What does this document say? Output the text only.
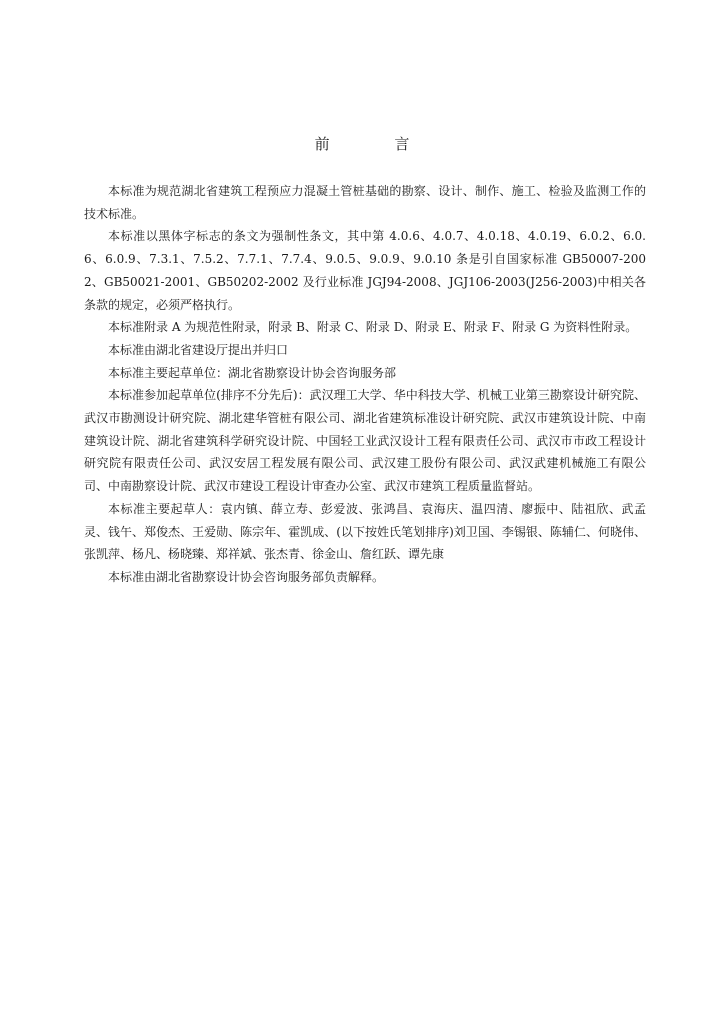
前 言

本标准为规范湖北省建筑工程预应力混凝土管桩基础的勘察、设计、制作、施工、检验及监测工作的技术标准。

本标准以黑体字标志的条文为强制性条文，其中第 4.0.6、4.0.7、4.0.18、4.0.19、6.0.2、6.0.6、6.0.9、7.3.1、7.5.2、7.7.1、7.7.4、9.0.5、9.0.9、9.0.10 条是引自国家标准 GB50007-2002、GB50021-2001、GB50202-2002 及行业标准 JGJ94-2008、JGJ106-2003(J256-2003)中相关各条款的规定，必须严格执行。

本标准附录 A 为规范性附录，附录 B、附录 C、附录 D、附录 E、附录 F、附录 G 为资料性附录。

本标准由湖北省建设厅提出并归口

本标准主要起草单位：湖北省勘察设计协会咨询服务部

本标准参加起草单位(排序不分先后)：武汉理工大学、华中科技大学、机械工业第三勘察设计研究院、武汉市勘测设计研究院、湖北建华管桩有限公司、湖北省建筑标准设计研究院、武汉市建筑设计院、中南建筑设计院、湖北省建筑科学研究设计院、中国轻工业武汉设计工程有限责任公司、武汉市市政工程设计研究院有限责任公司、武汉安居工程发展有限公司、武汉建工股份有限公司、武汉武建机械施工有限公司、中南勘察设计院、武汉市建设工程设计审查办公室、武汉市建筑工程质量监督站。

本标准主要起草人：袁内镇、薛立寿、彭爱波、张鸿昌、袁海庆、温四清、廖振中、陆祖欣、武孟灵、钱午、郑俊杰、王爱勋、陈宗年、霍凯成、(以下按姓氏笔划排序)刘卫国、李锡银、陈辅仁、何晓伟、张凯萍、杨凡、杨晓臻、郑祥斌、张杰青、徐金山、詹红跃、谭先康

本标准由湖北省勘察设计协会咨询服务部负责解释。
